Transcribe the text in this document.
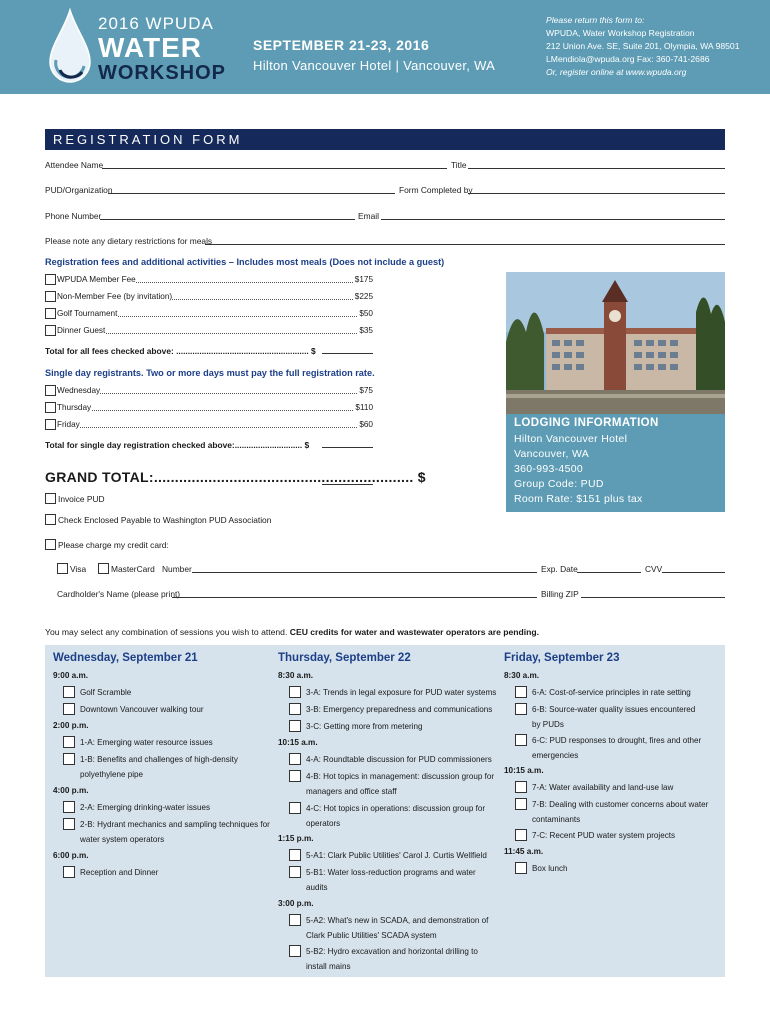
2016 WPUDA
WATER
WORKSHOP
SEPTEMBER 21-23, 2016
Hilton Vancouver Hotel | Vancouver, WA
Please return this form to:
WPUDA, Water Workshop Registration
212 Union Ave. SE, Suite 201, Olympia, WA 98501
LMendiola@wpuda.org Fax: 360-741-2686
Or, register online at www.wpuda.org
REGISTRATION FORM
Attendee Name	Title
PUD/Organization	Form Completed by
Phone Number	Email
Please note any dietary restrictions for meals
Registration fees and additional activities – Includes most meals (Does not include a guest)
WPUDA Member Fee	$175
Non-Member Fee (by invitation)	$225
Golf Tournament	$50
Dinner Guest	$35
Total for all fees checked above: ......................................................... $
Single day registrants. Two or more days must pay the full registration rate.
Wednesday	$75
Thursday	$110
Friday	$60
Total for single day registration checked above:............................. $
GRAND TOTAL:.............................................................. $
LODGING INFORMATION
Hilton Vancouver Hotel
Vancouver, WA
360-993-4500
Group Code: PUD
Room Rate: $151 plus tax
Invoice PUD
Check Enclosed Payable to Washington PUD Association
Please charge my credit card:
Visa	MasterCard Number	Exp. Date	CVV
Cardholder's Name (please print)	Billing ZIP
You may select any combination of sessions you wish to attend. CEU credits for water and wastewater operators are pending.
Wednesday, September 21
9:00 a.m.
Golf Scramble
Downtown Vancouver walking tour
2:00 p.m.
1-A: Emerging water resource issues
1-B: Benefits and challenges of high-density
polyethylene pipe
4:00 p.m.
2-A: Emerging drinking-water issues
2-B: Hydrant mechanics and sampling techniques for
water system operators
6:00 p.m.
Reception and Dinner
Thursday, September 22
8:30 a.m.
3-A: Trends in legal exposure for PUD water systems
3-B: Emergency preparedness and communications
3-C: Getting more from metering
10:15 a.m.
4-A: Roundtable discussion for PUD commissioners
4-B: Hot topics in management: discussion group for
managers and office staff
4-C: Hot topics in operations: discussion group for
operators
1:15 p.m.
5-A1: Clark Public Utilities' Carol J. Curtis Wellfield
5-B1: Water loss-reduction programs and water
audits
3:00 p.m.
5-A2: What's new in SCADA, and demonstration of
Clark Public Utilities' SCADA system
5-B2: Hydro excavation and horizontal drilling to
install mains
Friday, September 23
8:30 a.m.
6-A: Cost-of-service principles in rate setting
6-B: Source-water quality issues encountered
by PUDs
6-C: PUD responses to drought, fires and other
emergencies
10:15 a.m.
7-A: Water availability and land-use law
7-B: Dealing with customer concerns about water
contaminants
7-C: Recent PUD water system projects
11:45 a.m.
Box lunch
